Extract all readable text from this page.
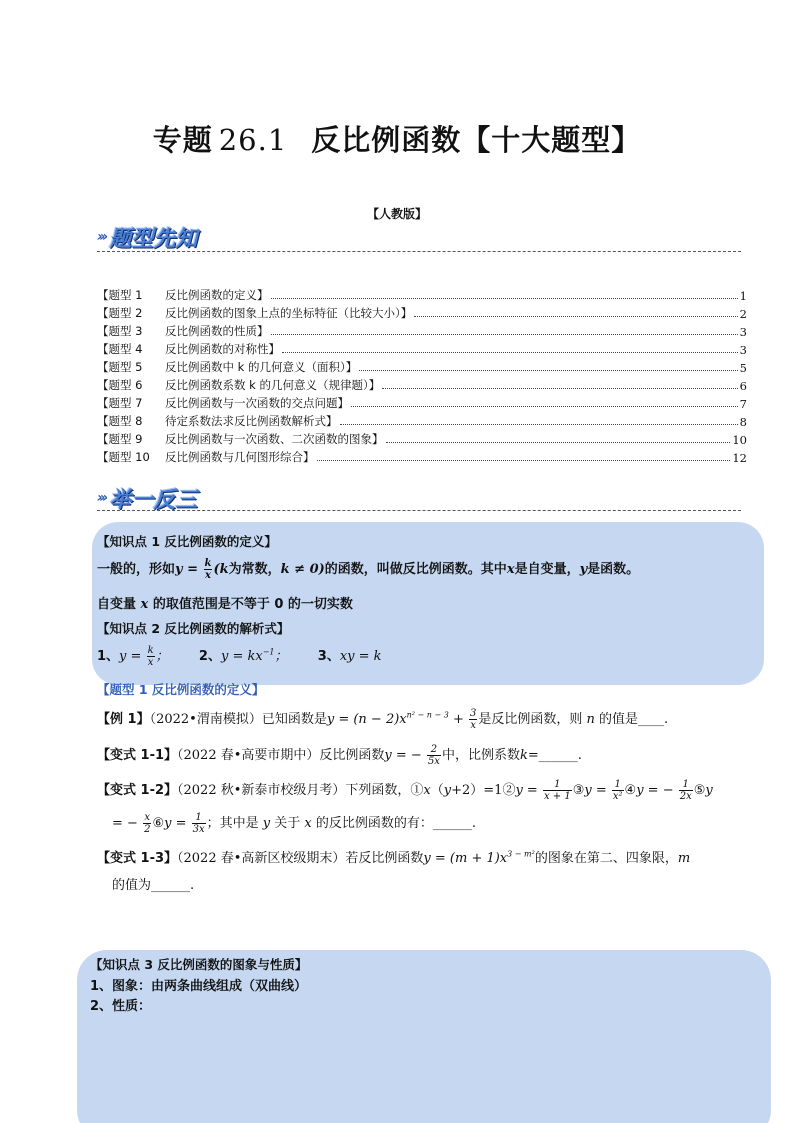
专题 26.1 反比例函数【十大题型】
【人教版】
››› 题型先知
【题型 1	反比例函数的定义】	1
【题型 2	反比例函数的图象上点的坐标特征（比较大小）】	2
【题型 3	反比例函数的性质】	3
【题型 4	反比例函数的对称性】	3
【题型 5	反比例函数中 k 的几何意义（面积）】	5
【题型 6	反比例函数系数 k 的几何意义（规律题）】	6
【题型 7	反比例函数与一次函数的交点问题】	7
【题型 8	待定系数法求反比例函数解析式】	8
【题型 9	反比例函数与一次函数、二次函数的图象】	10
【题型 10	反比例函数与几何图形综合】	12
››› 举一反三
【知识点 1 反比例函数的定义】
一般的，形如$y = \frac{k}{x} (k$为常数，k ≠ 0)的函数，叫做反比例函数。其中x是自变量，y是函数。
自变量 x 的取值范围是不等于 0 的一切实数
【知识点 2 反比例函数的解析式】
1、$y = \frac{k}{x}$ ； 2、$y = kx^{-1}$； 3、xy = k
【题型 1 反比例函数的定义】
【例 1】（2022•渭南模拟）已知函数是$y = (n - 2)x^{n^2 - n - 3} + \frac{3}{x}$ 是反比例函数，则 n 的值是____.
【变式 1-1】（2022 春•高要市期中）反比例函数y = − $\frac{2}{5x}$ 中，比例系数k=______.
【变式 1-2】（2022 秋•新泰市校级月考）下列函数，①x（y+2）=1②y = $\frac{1}{x + 1}$ ③y = $\frac{1}{\text{x²}}$ ④y = − $\frac{1}{2x}$ ⑤y
= − $\frac{x}{2}$ ⑥y = $\frac{1}{3x}$ ；其中是 y 关于 x 的反比例函数的有：______.
【变式 1-3】（2022 春•高新区校级期末）若反比例函数$y = (m + 1)x^{3 - m^2}$的图象在第二、四象限，m
的值为______.
【知识点 3 反比例函数的图象与性质】
1、图象：由两条曲线组成（双曲线）
2、性质：
